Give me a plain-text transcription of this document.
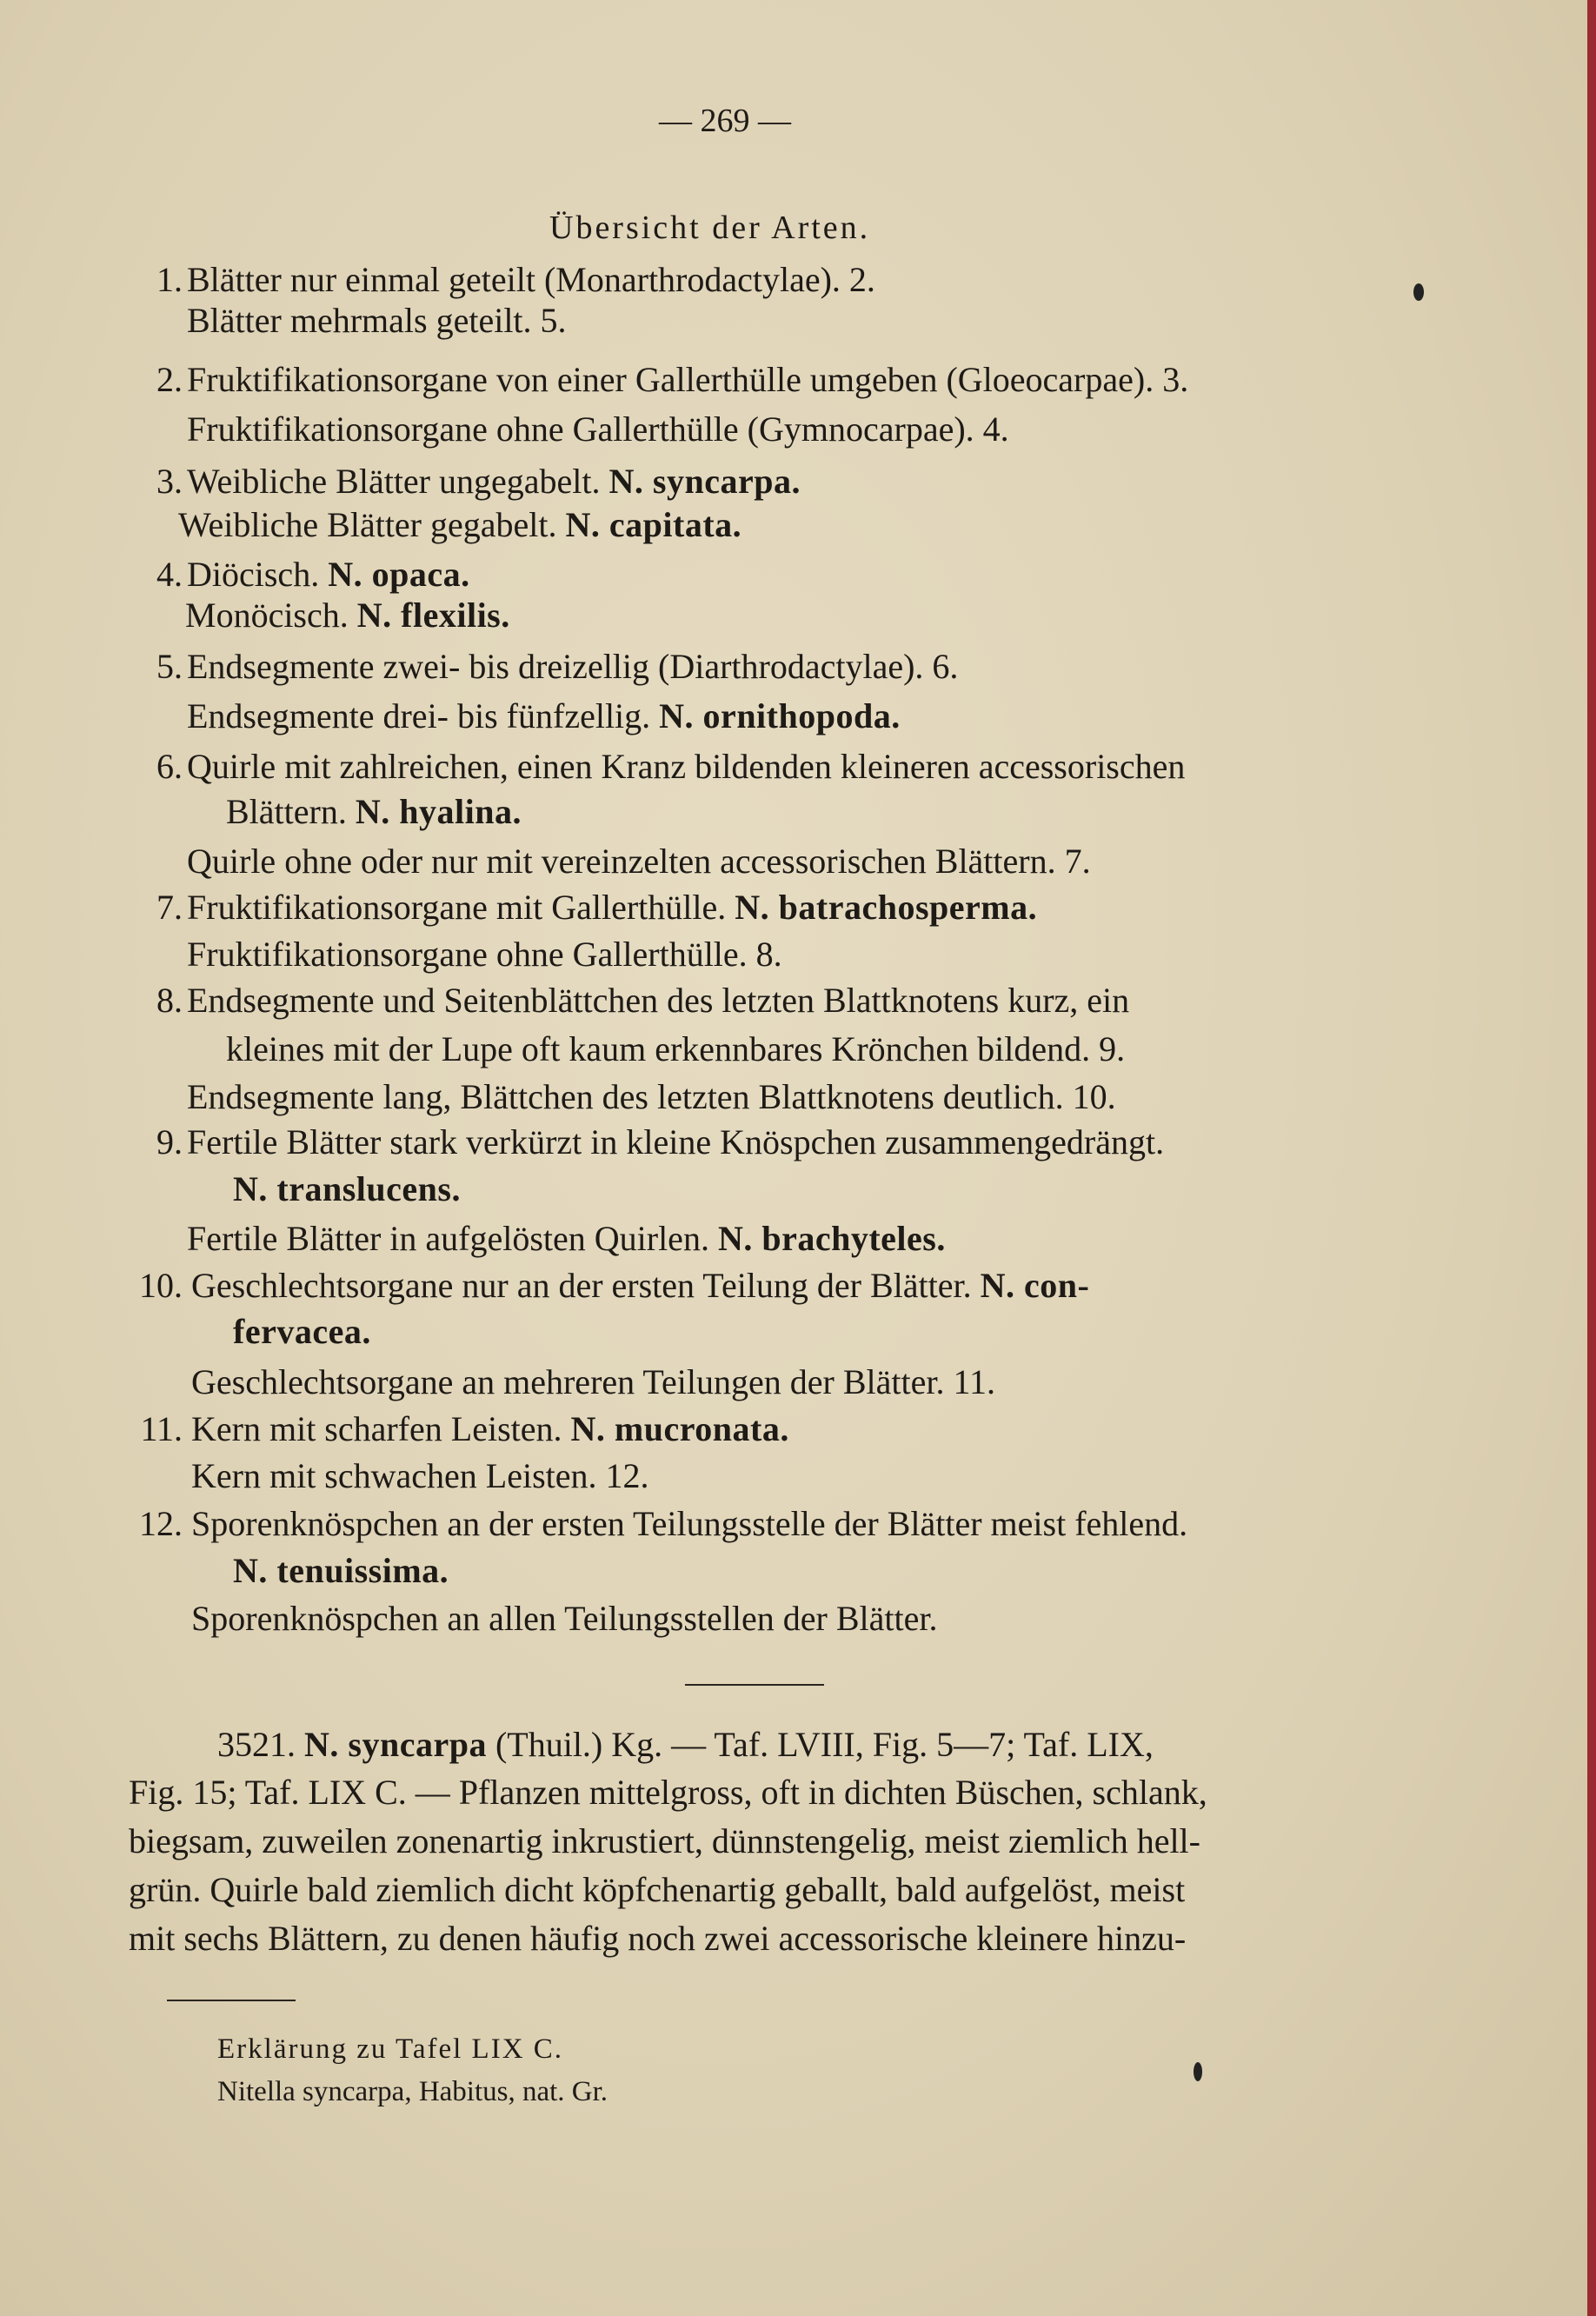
— 269 —
Übersicht der Arten.
1. Blätter nur einmal geteilt (Monarthrodactylae). 2.
Blätter mehrmals geteilt. 5.
2. Fruktifikationsorgane von einer Gallerthülle umgeben (Gloeocarpae). 3.
Fruktifikationsorgane ohne Gallerthülle (Gymnocarpae). 4.
3. Weibliche Blätter ungegabelt. N. syncarpa.
Weibliche Blätter gegabelt. N. capitata.
4. Diöcisch. N. opaca.
Monöcisch. N. flexilis.
5. Endsegmente zwei- bis dreizellig (Diarthrodactylae). 6.
Endsegmente drei- bis fünfzellig. N. ornithopoda.
6. Quirle mit zahlreichen, einen Kranz bildenden kleineren accessorischen
Blättern. N. hyalina.
Quirle ohne oder nur mit vereinzelten accessorischen Blättern. 7.
7. Fruktifikationsorgane mit Gallerthülle. N. batrachosperma.
Fruktifikationsorgane ohne Gallerthülle. 8.
8. Endsegmente und Seitenblättchen des letzten Blattknotens kurz, ein
kleines mit der Lupe oft kaum erkennbares Krönchen bildend. 9.
Endsegmente lang, Blättchen des letzten Blattknotens deutlich. 10.
9. Fertile Blätter stark verkürzt in kleine Knöspchen zusammengedrängt.
N. translucens.
Fertile Blätter in aufgelösten Quirlen. N. brachyteles.
10. Geschlechtsorgane nur an der ersten Teilung der Blätter. N. con-
fervacea.
Geschlechtsorgane an mehreren Teilungen der Blätter. 11.
11. Kern mit scharfen Leisten. N. mucronata.
Kern mit schwachen Leisten. 12.
12. Sporenknöspchen an der ersten Teilungsstelle der Blätter meist fehlend.
N. tenuissima.
Sporenknöspchen an allen Teilungsstellen der Blätter.
3521. N. syncarpa (Thuil.) Kg. — Taf. LVIII, Fig. 5—7; Taf. LIX,
Fig. 15; Taf. LIX C. — Pflanzen mittelgross, oft in dichten Büschen, schlank,
biegsam, zuweilen zonenartig inkrustiert, dünnstengelig, meist ziemlich hell-
grün. Quirle bald ziemlich dicht köpfchenartig geballt, bald aufgelöst, meist
mit sechs Blättern, zu denen häufig noch zwei accessorische kleinere hinzu-
Erklärung zu Tafel LIX C.
Nitella syncarpa, Habitus, nat. Gr.
